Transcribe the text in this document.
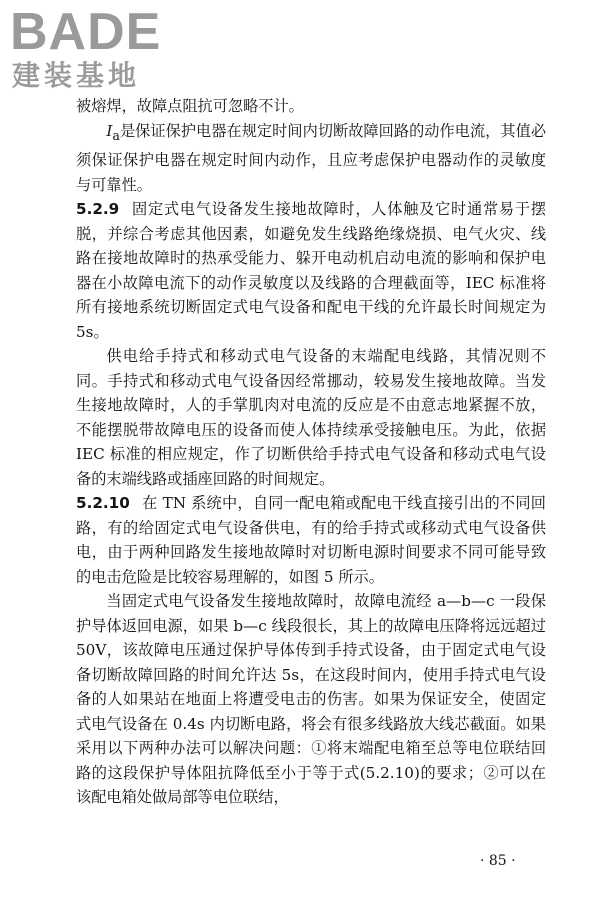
BADE
建装基地

被熔焊，故障点阻抗可忽略不计。

$I_a$是保证保护电器在规定时间内切断故障回路的动作电流，其值必须保证保护电器在规定时间内动作，且应考虑保护电器动作的灵敏度与可靠性。

5.2.9 固定式电气设备发生接地故障时，人体触及它时通常易于摆脱，并综合考虑其他因素，如避免发生线路绝缘烧损、电气火灾、线路在接地故障时的热承受能力、躲开电动机启动电流的影响和保护电器在小故障电流下的动作灵敏度以及线路的合理截面等，IEC 标准将所有接地系统切断固定式电气设备和配电干线的允许最长时间规定为 5s。

供电给手持式和移动式电气设备的末端配电线路，其情况则不同。手持式和移动式电气设备因经常挪动，较易发生接地故障。当发生接地故障时，人的手掌肌肉对电流的反应是不由意志地紧握不放，不能摆脱带故障电压的设备而使人体持续承受接触电压。为此，依据 IEC 标准的相应规定，作了切断供给手持式电气设备和移动式电气设备的末端线路或插座回路的时间规定。

5.2.10 在 TN 系统中，自同一配电箱或配电干线直接引出的不同回路，有的给固定式电气设备供电，有的给手持式或移动式电气设备供电，由于两种回路发生接地故障时对切断电源时间要求不同可能导致的电击危险是比较容易理解的，如图 5 所示。

当固定式电气设备发生接地故障时，故障电流经 a—b—c 一段保护导体返回电源，如果 b—c 线段很长，其上的故障电压降将远远超过 50V，该故障电压通过保护导体传到手持式设备，由于固定式电气设备切断故障回路的时间允许达 5s，在这段时间内，使用手持式电气设备的人如果站在地面上将遭受电击的伤害。如果为保证安全，使固定式电气设备在 0.4s 内切断电路，将会有很多线路放大线芯截面。如果采用以下两种办法可以解决问题：①将末端配电箱至总等电位联结回路的这段保护导体阻抗降低至小于等于式(5.2.10)的要求；②可以在该配电箱处做局部等电位联结，

· 85 ·
